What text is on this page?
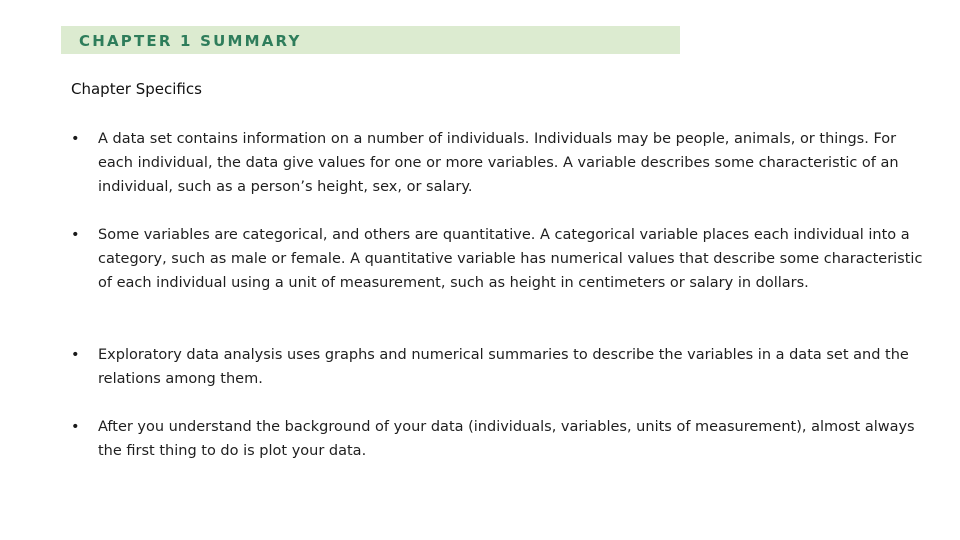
CHAPTER 1 SUMMARY
Chapter Specifics
• A data set contains information on a number of individuals. Individuals may be people, animals, or things. For each individual, the data give values for one or more variables. A variable describes some characteristic of an individual, such as a person’s height, sex, or salary.
• Some variables are categorical, and others are quantitative. A categorical variable places each individual into a category, such as male or female. A quantitative variable has numerical values that describe some characteristic of each individual using a unit of measurement, such as height in centimeters or salary in dollars.
• Exploratory data analysis uses graphs and numerical summaries to describe the variables in a data set and the relations among them.
• After you understand the background of your data (individuals, variables, units of measurement), almost always the first thing to do is plot your data.
